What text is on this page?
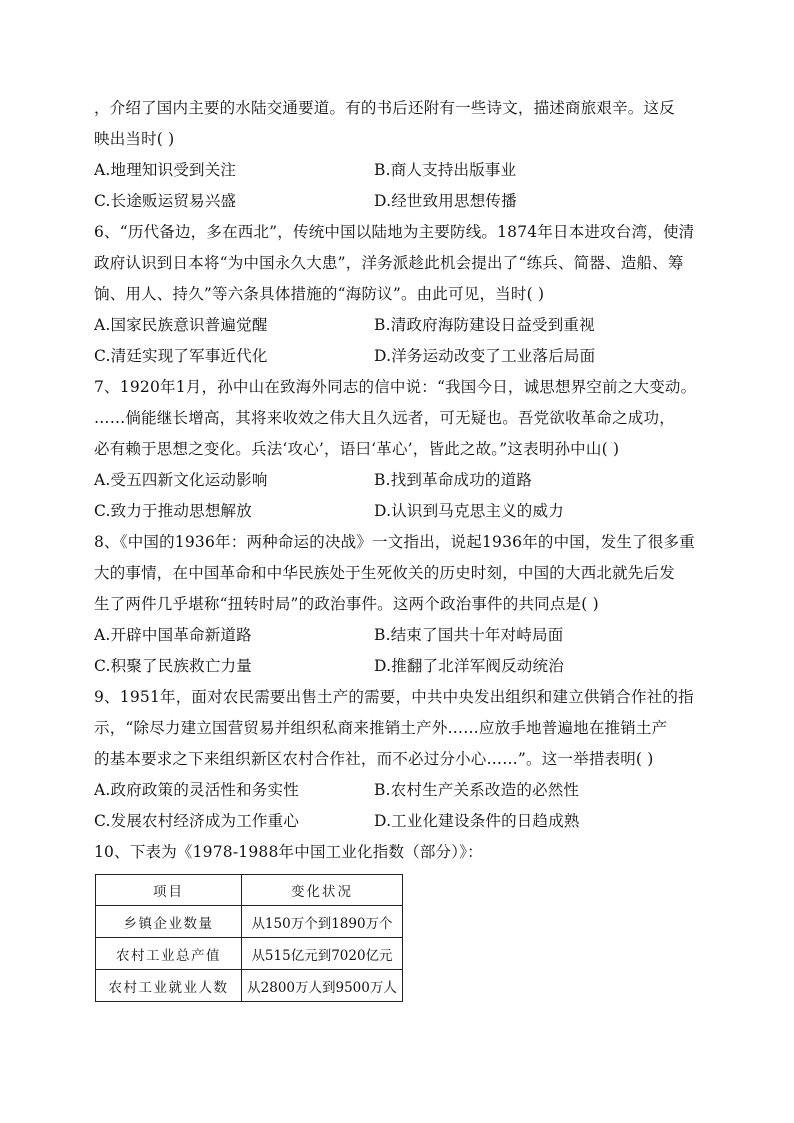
，介绍了国内主要的水陆交通要道。有的书后还附有一些诗文，描述商旅艰辛。这反
映出当时( )
A.地理知识受到关注	B.商人支持出版事业
C.长途贩运贸易兴盛	D.经世致用思想传播
6、“历代备边，多在西北”，传统中国以陆地为主要防线。1874年日本进攻台湾，使清
政府认识到日本将“为中国永久大患”，洋务派趁此机会提出了“练兵、简器、造船、筹
饷、用人、持久”等六条具体措施的“海防议”。由此可见，当时( )
A.国家民族意识普遍觉醒	B.清政府海防建设日益受到重视
C.清廷实现了军事近代化	D.洋务运动改变了工业落后局面
7、1920年1月，孙中山在致海外同志的信中说：“我国今日，诚思想界空前之大变动。
……倘能继长增高，其将来收效之伟大且久远者，可无疑也。吾党欲收革命之成功，
必有赖于思想之变化。兵法‘攻心’，语曰‘革心’，皆此之故。”这表明孙中山( )
A.受五四新文化运动影响	B.找到革命成功的道路
C.致力于推动思想解放	D.认识到马克思主义的威力
8、《中国的1936年：两种命运的决战》一文指出，说起1936年的中国，发生了很多重
大的事情，在中国革命和中华民族处于生死攸关的历史时刻，中国的大西北就先后发
生了两件几乎堪称“扭转时局”的政治事件。这两个政治事件的共同点是( )
A.开辟中国革命新道路	B.结束了国共十年对峙局面
C.积聚了民族救亡力量	D.推翻了北洋军阀反动统治
9、1951年，面对农民需要出售土产的需要，中共中央发出组织和建立供销合作社的指
示，“除尽力建立国营贸易并组织私商来推销土产外……应放手地普遍地在推销土产
的基本要求之下来组织新区农村合作社，而不必过分小心……”。这一举措表明( )
A.政府政策的灵活性和务实性	B.农村生产关系改造的必然性
C.发展农村经济成为工作重心	D.工业化建设条件的日趋成熟
10、下表为《1978-1988年中国工业化指数（部分）》：
项目	变化状况
乡镇企业数量	从150万个到1890万个
农村工业总产值	从515亿元到7020亿元
农村工业就业人数	从2800万人到9500万人
